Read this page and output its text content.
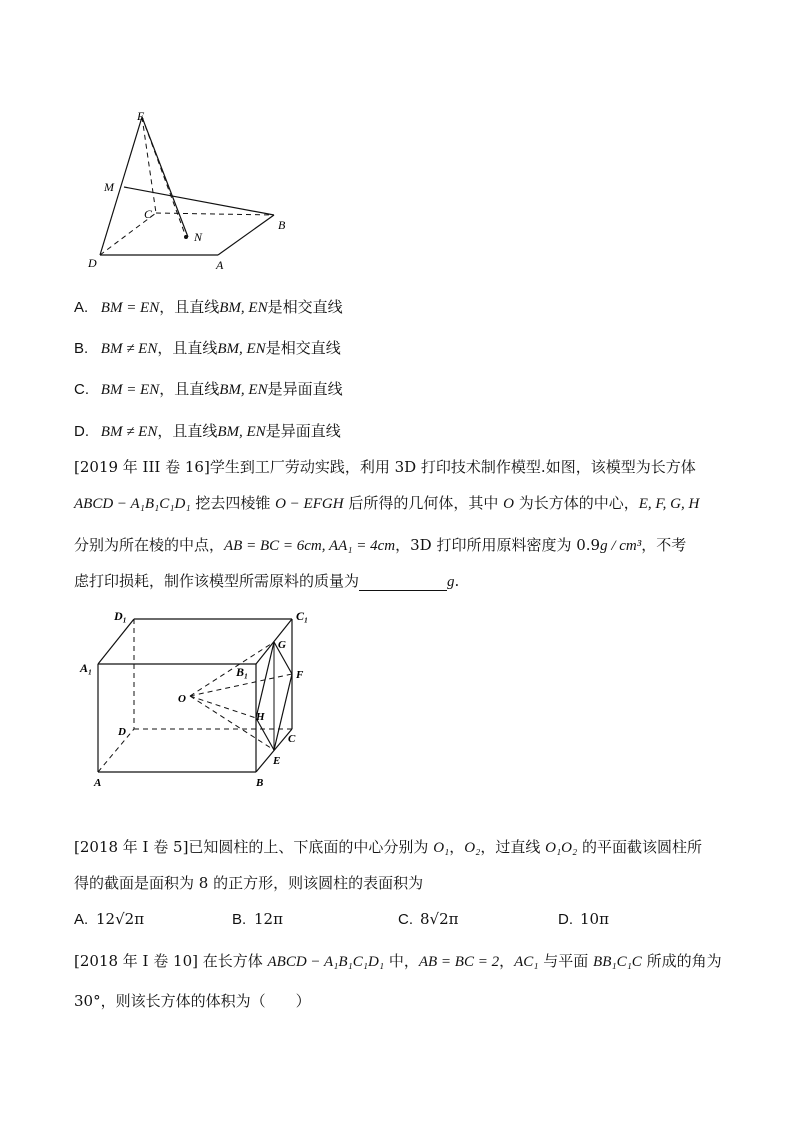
E
M
C
B
N
D	A
A. BM = EN，且直线BM, EN是相交直线
B. BM ≠ EN，且直线BM, EN是相交直线
C. BM = EN，且直线BM, EN是异面直线
D. BM ≠ EN，且直线BM, EN是异面直线
[2019 年 III 卷 16]学生到工厂劳动实践，利用 3D 打印技术制作模型.如图，该模型为长方体
ABCD − A₁B₁C₁D₁ 挖去四棱锥 O − EFGH 后所得的几何体，其中 O 为长方体的中心，E, F, G, H
分别为所在棱的中点，AB = BC = 6cm, AA₁ = 4cm，3D 打印所用原料密度为 0.9g / cm³，不考
虑打印损耗，制作该模型所需原料的质量为	g.
D₁	C₁
A₁	B₁
G
F
O
H
D
C
E
A	B
[2018 年 I 卷 5]已知圆柱的上、下底面的中心分别为 O₁，O₂，过直线 O₁O₂ 的平面截该圆柱所
得的截面是面积为 8 的正方形，则该圆柱的表面积为
A. 12√2π	B. 12π	C. 8√2π	D. 10π
[2018 年 I 卷 10] 在长方体 ABCD − A₁B₁C₁D₁ 中，AB = BC = 2，AC₁ 与平面 BB₁C₁C 所成的角为
30°，则该长方体的体积为（　　）
